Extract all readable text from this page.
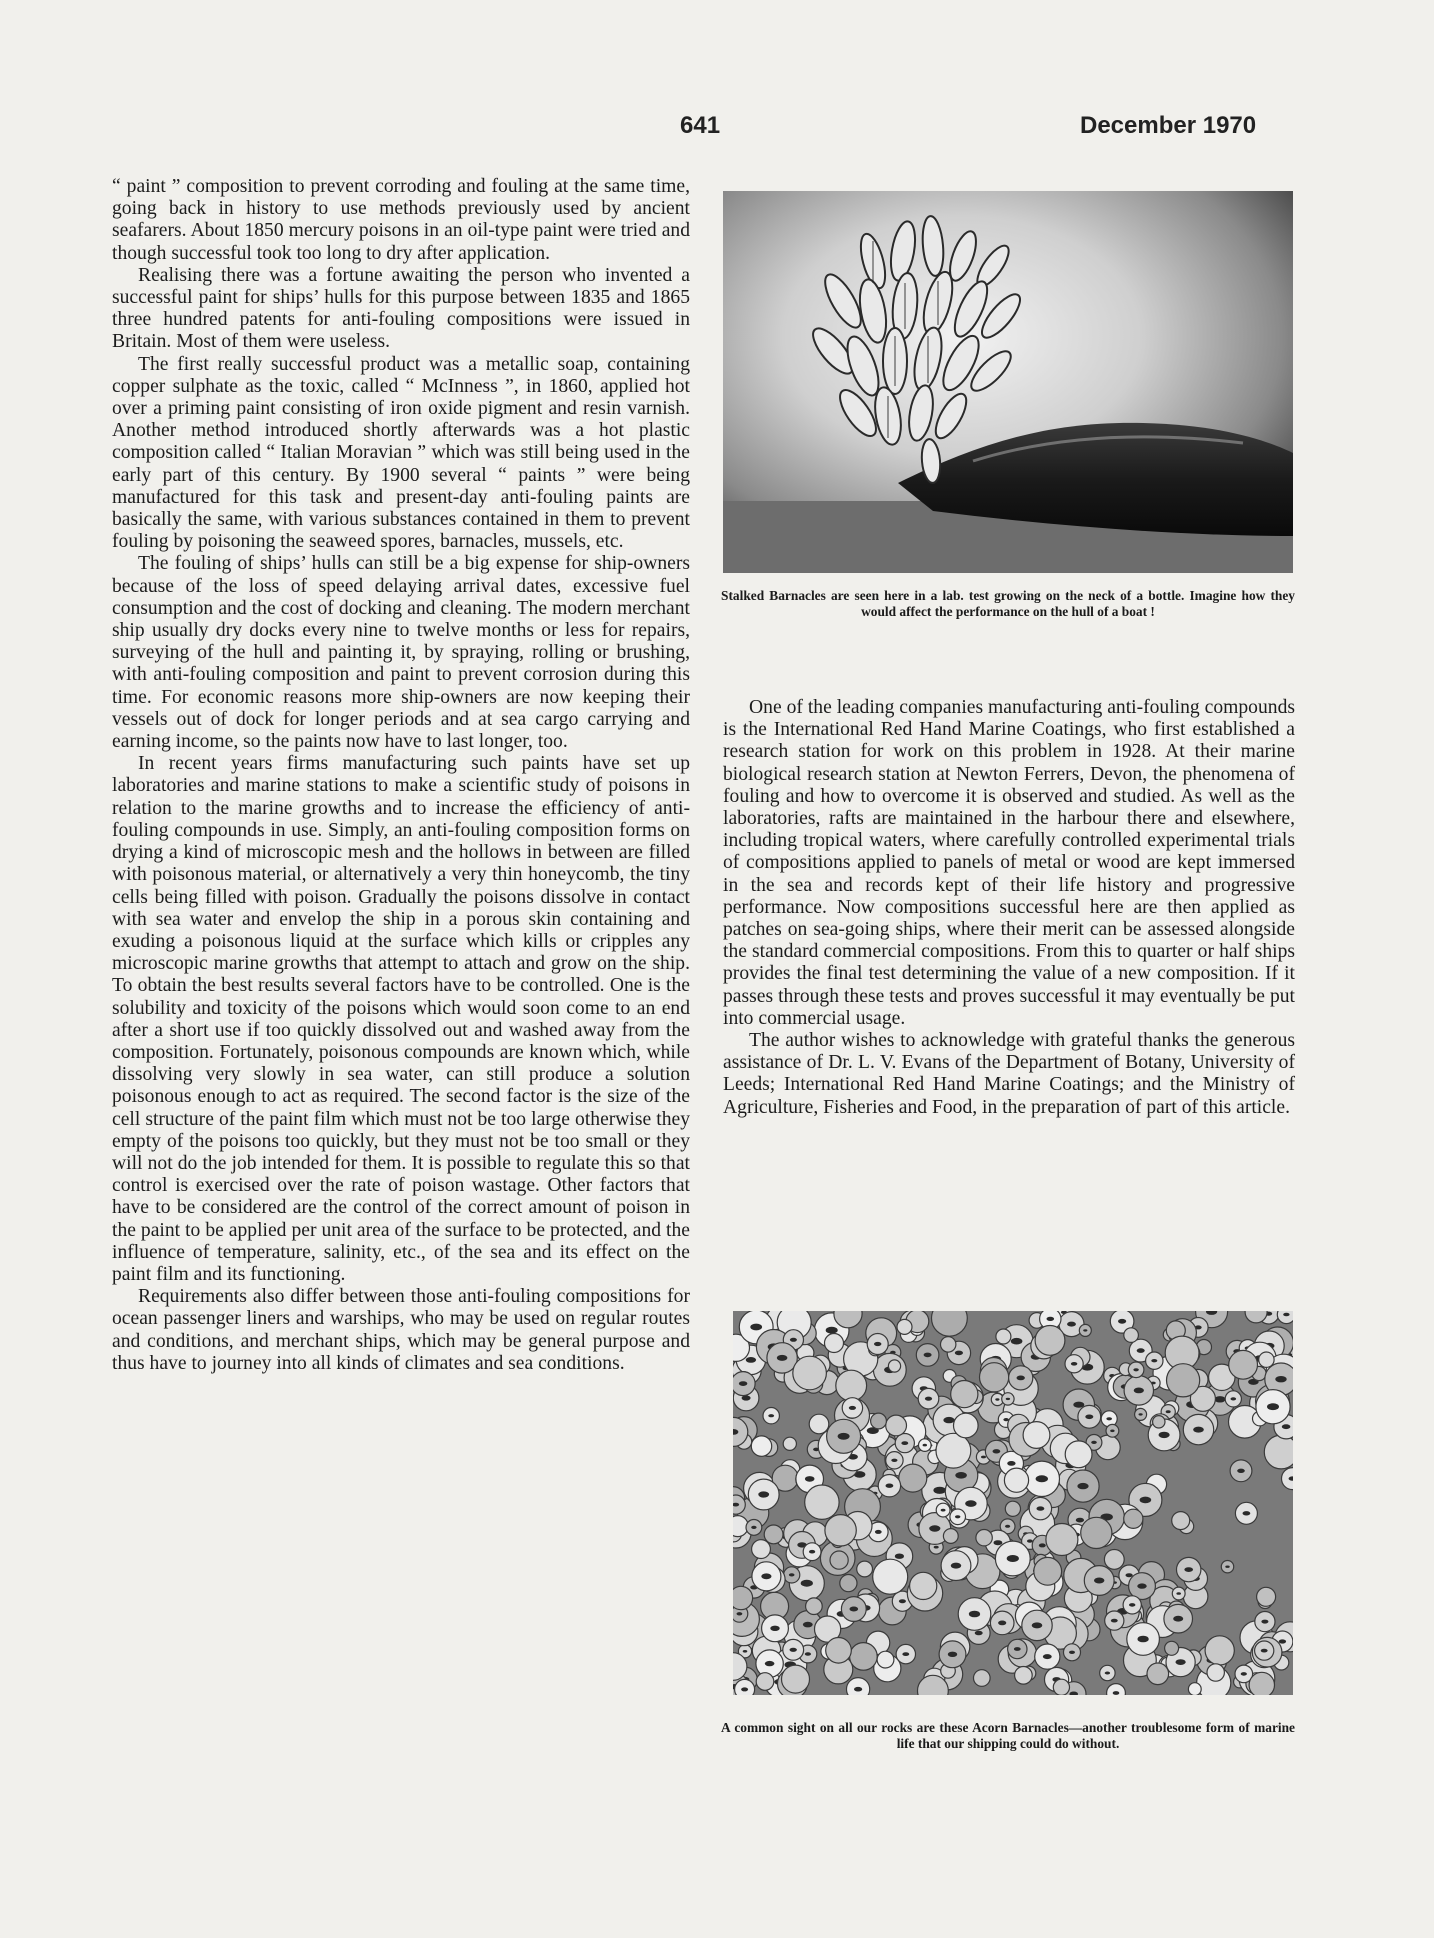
641	December 1970

“ paint ” composition to prevent corroding and fouling at the same time, going back in history to use methods previously used by ancient seafarers. About 1850 mercury poisons in an oil-type paint were tried and though successful took too long to dry after application.

Realising there was a fortune awaiting the person who invented a successful paint for ships’ hulls for this purpose between 1835 and 1865 three hundred patents for anti-fouling compositions were issued in Britain. Most of them were useless.

The first really successful product was a metallic soap, containing copper sulphate as the toxic, called “ McInness ”, in 1860, applied hot over a priming paint consisting of iron oxide pigment and resin varnish. Another method introduced shortly afterwards was a hot plastic composition called “ Italian Moravian ” which was still being used in the early part of this century. By 1900 several “ paints ” were being manufactured for this task and present-day anti-fouling paints are basically the same, with various substances contained in them to prevent fouling by poisoning the seaweed spores, barnacles, mussels, etc.

The fouling of ships’ hulls can still be a big expense for ship-owners because of the loss of speed delaying arrival dates, excessive fuel consumption and the cost of docking and cleaning. The modern merchant ship usually dry docks every nine to twelve months or less for repairs, surveying of the hull and painting it, by spraying, rolling or brushing, with anti-fouling composition and paint to prevent corrosion during this time. For economic reasons more ship-owners are now keeping their vessels out of dock for longer periods and at sea cargo carrying and earning income, so the paints now have to last longer, too.

In recent years firms manufacturing such paints have set up laboratories and marine stations to make a scientific study of poisons in relation to the marine growths and to increase the efficiency of anti-fouling compounds in use. Simply, an anti-fouling composition forms on drying a kind of microscopic mesh and the hollows in between are filled with poisonous material, or alternatively a very thin honeycomb, the tiny cells being filled with poison. Gradually the poisons dissolve in contact with sea water and envelop the ship in a porous skin containing and exuding a poisonous liquid at the surface which kills or cripples any microscopic marine growths that attempt to attach and grow on the ship. To obtain the best results several factors have to be controlled. One is the solubility and toxicity of the poisons which would soon come to an end after a short use if too quickly dissolved out and washed away from the composition. Fortunately, poisonous compounds are known which, while dissolving very slowly in sea water, can still produce a solution poisonous enough to act as required. The second factor is the size of the cell structure of the paint film which must not be too large otherwise they empty of the poisons too quickly, but they must not be too small or they will not do the job intended for them. It is possible to regulate this so that control is exercised over the rate of poison wastage. Other factors that have to be considered are the control of the correct amount of poison in the paint to be applied per unit area of the surface to be protected, and the influence of temperature, salinity, etc., of the sea and its effect on the paint film and its functioning.

Requirements also differ between those anti-fouling compositions for ocean passenger liners and warships, who may be used on regular routes and conditions, and merchant ships, which may be general purpose and thus have to journey into all kinds of climates and sea conditions.

Stalked Barnacles are seen here in a lab. test growing on the neck of a bottle. Imagine how they would affect the performance on the hull of a boat !

One of the leading companies manufacturing anti-fouling compounds is the International Red Hand Marine Coatings, who first established a research station for work on this problem in 1928. At their marine biological research station at Newton Ferrers, Devon, the phenomena of fouling and how to overcome it is observed and studied. As well as the laboratories, rafts are maintained in the harbour there and elsewhere, including tropical waters, where carefully controlled experimental trials of compositions applied to panels of metal or wood are kept immersed in the sea and records kept of their life history and progressive performance. Now compositions successful here are then applied as patches on sea-going ships, where their merit can be assessed alongside the standard commercial compositions. From this to quarter or half ships provides the final test determining the value of a new composition. If it passes through these tests and proves successful it may eventually be put into commercial usage.

The author wishes to acknowledge with grateful thanks the generous assistance of Dr. L. V. Evans of the Department of Botany, University of Leeds; International Red Hand Marine Coatings; and the Ministry of Agriculture, Fisheries and Food, in the preparation of part of this article.

A common sight on all our rocks are these Acorn Barnacles—another troublesome form of marine life that our shipping could do without.
